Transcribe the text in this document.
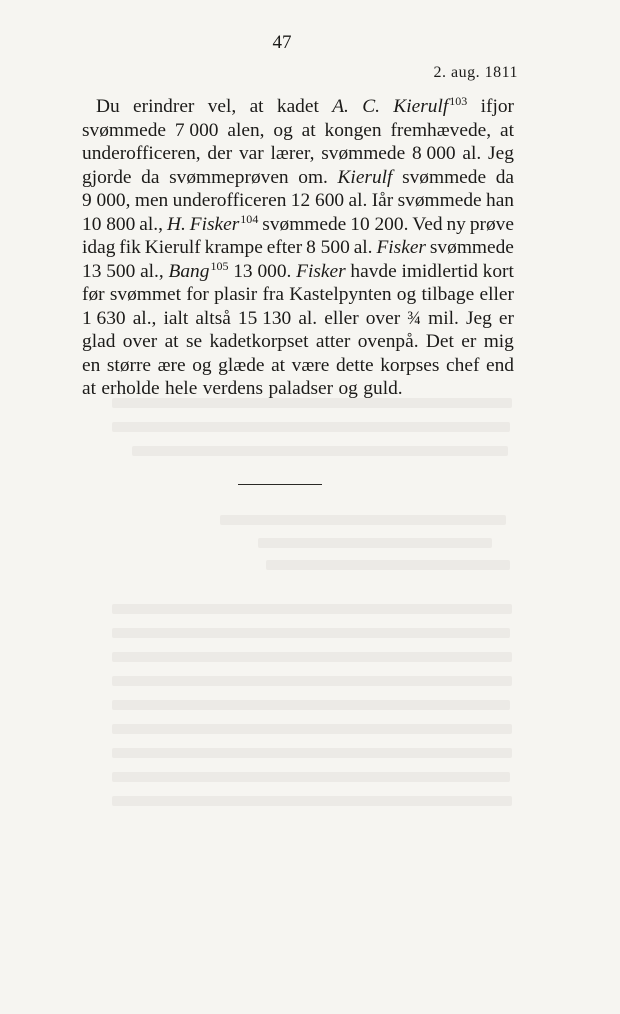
47
2. aug. 1811
Du erindrer vel, at kadet A. C. Kierulf$^{103}$ ifjor
svømmede 7 000 alen, og at kongen fremhævede, at
underofficeren, der var lærer, svømmede 8 000 al. Jeg
gjorde da svømmeprøven om. Kierulf svømmede da
9 000, men underofficeren 12 600 al. Iår svømmede han
10 800 al., H. Fisker$^{104}$ svømmede 10 200. Ved ny prøve
idag fik Kierulf krampe efter 8 500 al. Fisker svømmede
13 500 al., Bang$^{105}$ 13 000. Fisker havde imidlertid kort
før svømmet for plasir fra Kastelpynten og tilbage eller
1 630 al., ialt altså 15 130 al. eller over ¾ mil. Jeg er
glad over at se kadetkorpset atter ovenpå. Det er mig
en større ære og glæde at være dette korpses chef end
at erholde hele verdens paladser og guld.
